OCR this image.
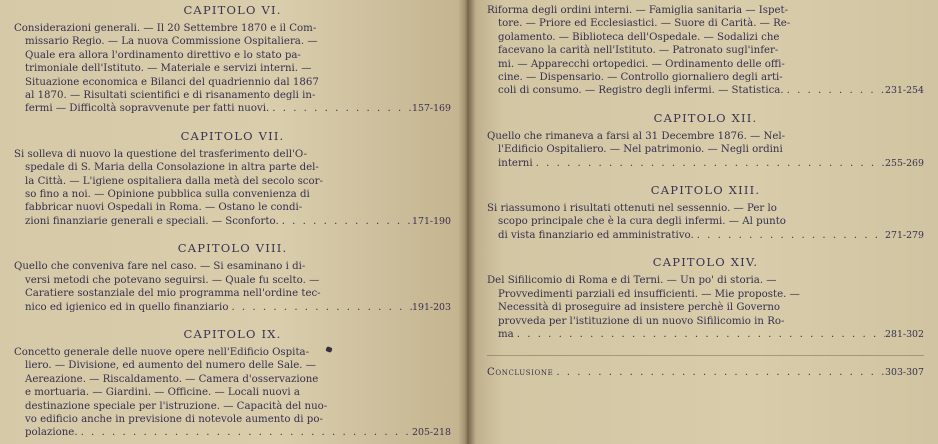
CAPITOLO VI.
Considerazioni generali. — Il 20 Settembre 1870 e il Com-
missario Regio. — La nuova Commissione Ospitaliera. —
Quale era allora l'ordinamento direttivo e lo stato pa-
trimoniale dell'Istituto. — Materiale e servizi interni. —
Situazione economica e Bilanci del quadriennio dal 1867
al 1870. — Risultati scientifici e di risanamento degli in-
fermi — Difficoltà sopravvenute per fatti nuovi. . . .	157-169
CAPITOLO VII.
Si solleva di nuovo la questione del trasferimento dell'O-
spedale di S. Maria della Consolazione in altra parte del-
la Città. — L'igiene ospitaliera dalla metà del secolo scor-
so fino a noi. — Opinione pubblica sulla convenienza di
fabbricar nuovi Ospedali in Roma. — Ostano le condi-
zioni finanziarie generali e speciali. — Sconforto. . . .	171-190
CAPITOLO VIII.
Quello che conveniva fare nel caso. — Si esaminano i di-
versi metodi che potevano seguirsi. — Quale fu scelto. —
Caratiere sostanziale del mio programma nell'ordine tec-
nico ed igienico ed in quello finanziario . . .	191-203
CAPITOLO IX.
Concetto generale delle nuove opere nell'Edificio Ospita-
liero. — Divisione, ed aumento del numero delle Sale. —
Aereazione. — Riscaldamento. — Camera d'osservazione
e mortuaria. — Giardini. — Officine. — Locali nuovi a
destinazione speciale per l'istruzione. — Capacità del nuo-
vo edificio anche in previsione di notevole aumento di po-
polazione. . . .	205-218
Riforma degli ordini interni. — Famiglia sanitaria — Ispet-
tore. — Priore ed Ecclesiastici. — Suore di Carità. — Re-
golamento. — Biblioteca dell'Ospedale. — Sodalizi che
facevano la carità nell'Istituto. — Patronato sugl'infer-
mi. — Apparecchi ortopedici. — Ordinamento delle offi-
cine. — Dispensario. — Controllo giornaliero degli arti-
coli di consumo. — Registro degli infermi. — Statistica. . . .	231-254
CAPITOLO XII.
Quello che rimaneva a farsi al 31 Decembre 1876. — Nel-
l'Edificio Ospitaliero. — Nel patrimonio. — Negli ordini
interni . . .	255-269
CAPITOLO XIII.
Si riassumono i risultati ottenuti nel sessennio. — Per lo
scopo principale che è la cura degli infermi. — Al punto
di vista finanziario ed amministrativo. . . .	271-279
CAPITOLO XIV.
Del Sifilicomio di Roma e di Terni. — Un po' di storia. —
Provvedimenti parziali ed insufficienti. — Mie proposte. —
Necessità di proseguire ad insistere perchè il Governo
provveda per l'istituzione di un nuovo Sifilicomio in Ro-
ma . . .	281-302
Conclusione . . .	303-307
